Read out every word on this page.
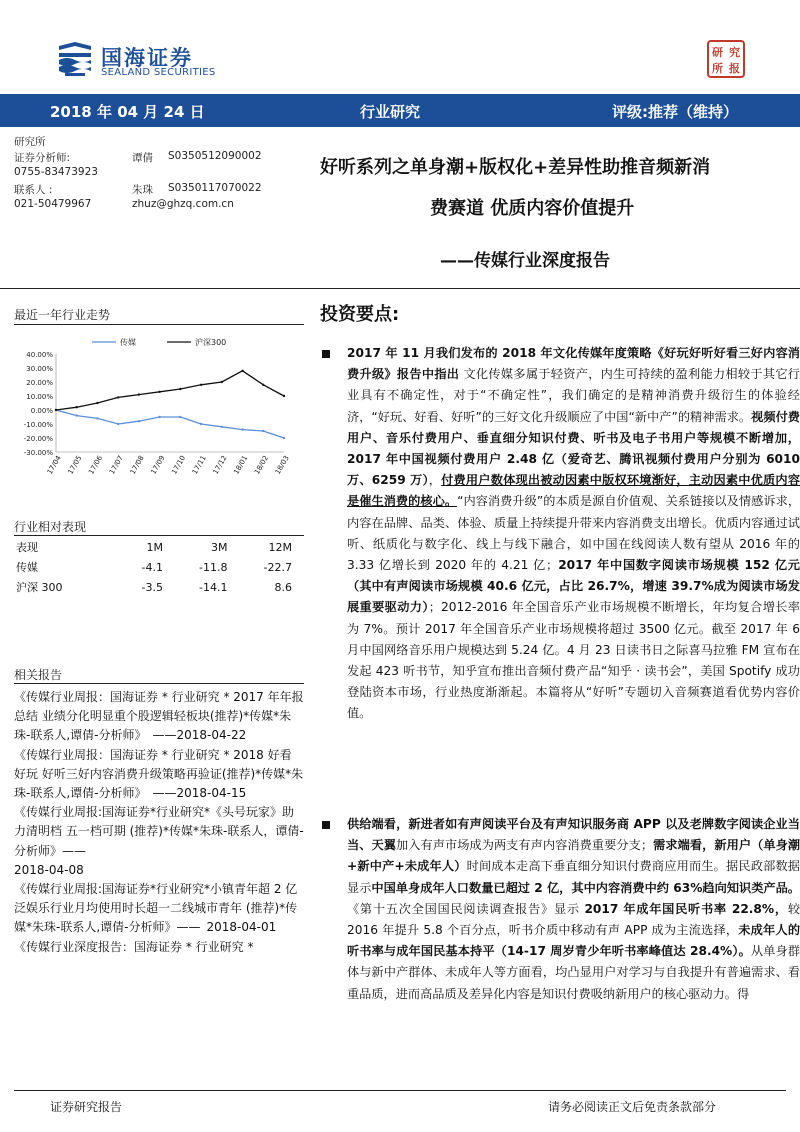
国海证券
SEALAND SECURITIES
研 究
所 报
2018 年 04 月 24 日	行业研究	评级:推荐（维持）
研究所
证券分析师:	谭倩 S0350512090002
0755-83473923
联系人 :	朱珠 S0350117070022
021-50479967	zhuz@ghzq.com.cn
好听系列之单身潮+版权化+差异性助推音频新消
费赛道 优质内容价值提升
——传媒行业深度报告
最近一年行业走势
40.00%
30.00%
20.00%
10.00%
0.00%
-10.00%
-20.00%
-30.00%
17/04 17/05 17/06 17/07 17/08 17/09 17/10 17/11 17/12 18/01 18/02 18/03
传媒	沪深300
行业相对表现
表现	1M	3M	12M
传媒	-4.1	-11.8	-22.7
沪深 300	-3.5	-14.1	8.6
相关报告

《传媒行业周报：国海证券 * 行业研究 * 2017 年年报总结 业绩分化明显重个股逻辑轻板块(推荐)*传媒*朱珠-联系人,谭倩-分析师》 ——2018-04-22

《传媒行业周报：国海证券 * 行业研究 * 2018 好看 好玩 好听三好内容消费升级策略再验证(推荐)*传媒*朱珠-联系人,谭倩-分析师》 ——2018-04-15

《传媒行业周报:国海证券*行业研究*《头号玩家》助力清明档 五一档可期 (推荐)*传媒*朱珠-联系人，谭倩-分析师》——
2018-04-08

《传媒行业周报:国海证券*行业研究*小镇青年超 2 亿 泛娱乐行业月均使用时长超一二线城市青年 (推荐)*传媒*朱珠-联系人,谭倩-分析师》—— 2018-04-01

《传媒行业深度报告：国海证券 * 行业研究 *

投资要点:
2017 年 11 月我们发布的 2018 年文化传媒年度策略《好玩好听好看三好内容消费升级》报告中指出 文化传媒多属于轻资产，内生可持续的盈利能力相较于其它行业具有不确定性，对于“不确定性”，我们确定的是精神消费升级衍生的体验经济，“好玩、好看、好听”的三好文化升级顺应了中国“新中产”的精神需求。视频付费用户、音乐付费用户、垂直细分知识付费、听书及电子书用户等规模不断增加，2017 年中国视频付费用户 2.48 亿（爱奇艺、腾讯视频付费用户分别为 6010 万、6259 万），付费用户数体现出被动因素中版权环境渐好，主动因素中优质内容是催生消费的核心。“内容消费升级”的本质是源自价值观、关系链接以及情感诉求，内容在品牌、品类、体验、质量上持续提升带来内容消费支出增长。优质内容通过试听、纸质化与数字化、线上与线下融合，如中国在线阅读人数有望从 2016 年的 3.33 亿增长到 2020 年的 4.21 亿；2017 年中国数字阅读市场规模 152 亿元（其中有声阅读市场规模 40.6 亿元，占比 26.7%，增速 39.7%成为阅读市场发展重要驱动力）；2012-2016 年全国音乐产业市场规模不断增长，年均复合增长率为 7%。预计 2017 年全国音乐产业市场规模将超过 3500 亿元。截至 2017 年 6 月中国网络音乐用户规模达到 5.24 亿。4 月 23 日读书日之际喜马拉雅 FM 宣布在发起 423 听书节，知乎宣布推出音频付费产品“知乎 · 读书会”，美国 Spotify 成功登陆资本市场，行业热度渐渐起。本篇将从“好听”专题切入音频赛道看优势内容价值。
供给端看，新进者如有声阅读平台及有声知识服务商 APP 以及老牌数字阅读企业当当、天翼加入有声市场成为两支有声内容消费重要分支；需求端看，新用户（单身潮+新中产+未成年人）时间成本走高下垂直细分知识付费商应用而生。据民政部数据显示中国单身成年人口数量已超过 2 亿，其中内容消费中约 63%趋向知识类产品。《第十五次全国国民阅读调查报告》显示 2017 年成年国民听书率 22.8%，较 2016 年提升 5.8 个百分点，听书介质中移动有声 APP 成为主流选择，未成年人的听书率与成年国民基本持平（14-17 周岁青少年听书率峰值达 28.4%）。从单身群体与新中产群体、未成年人等方面看，均凸显用户对学习与自我提升有普遍需求、看重品质，进而高品质及差异化内容是知识付费吸纳新用户的核心驱动力。得
证券研究报告	请务必阅读正文后免责条款部分
